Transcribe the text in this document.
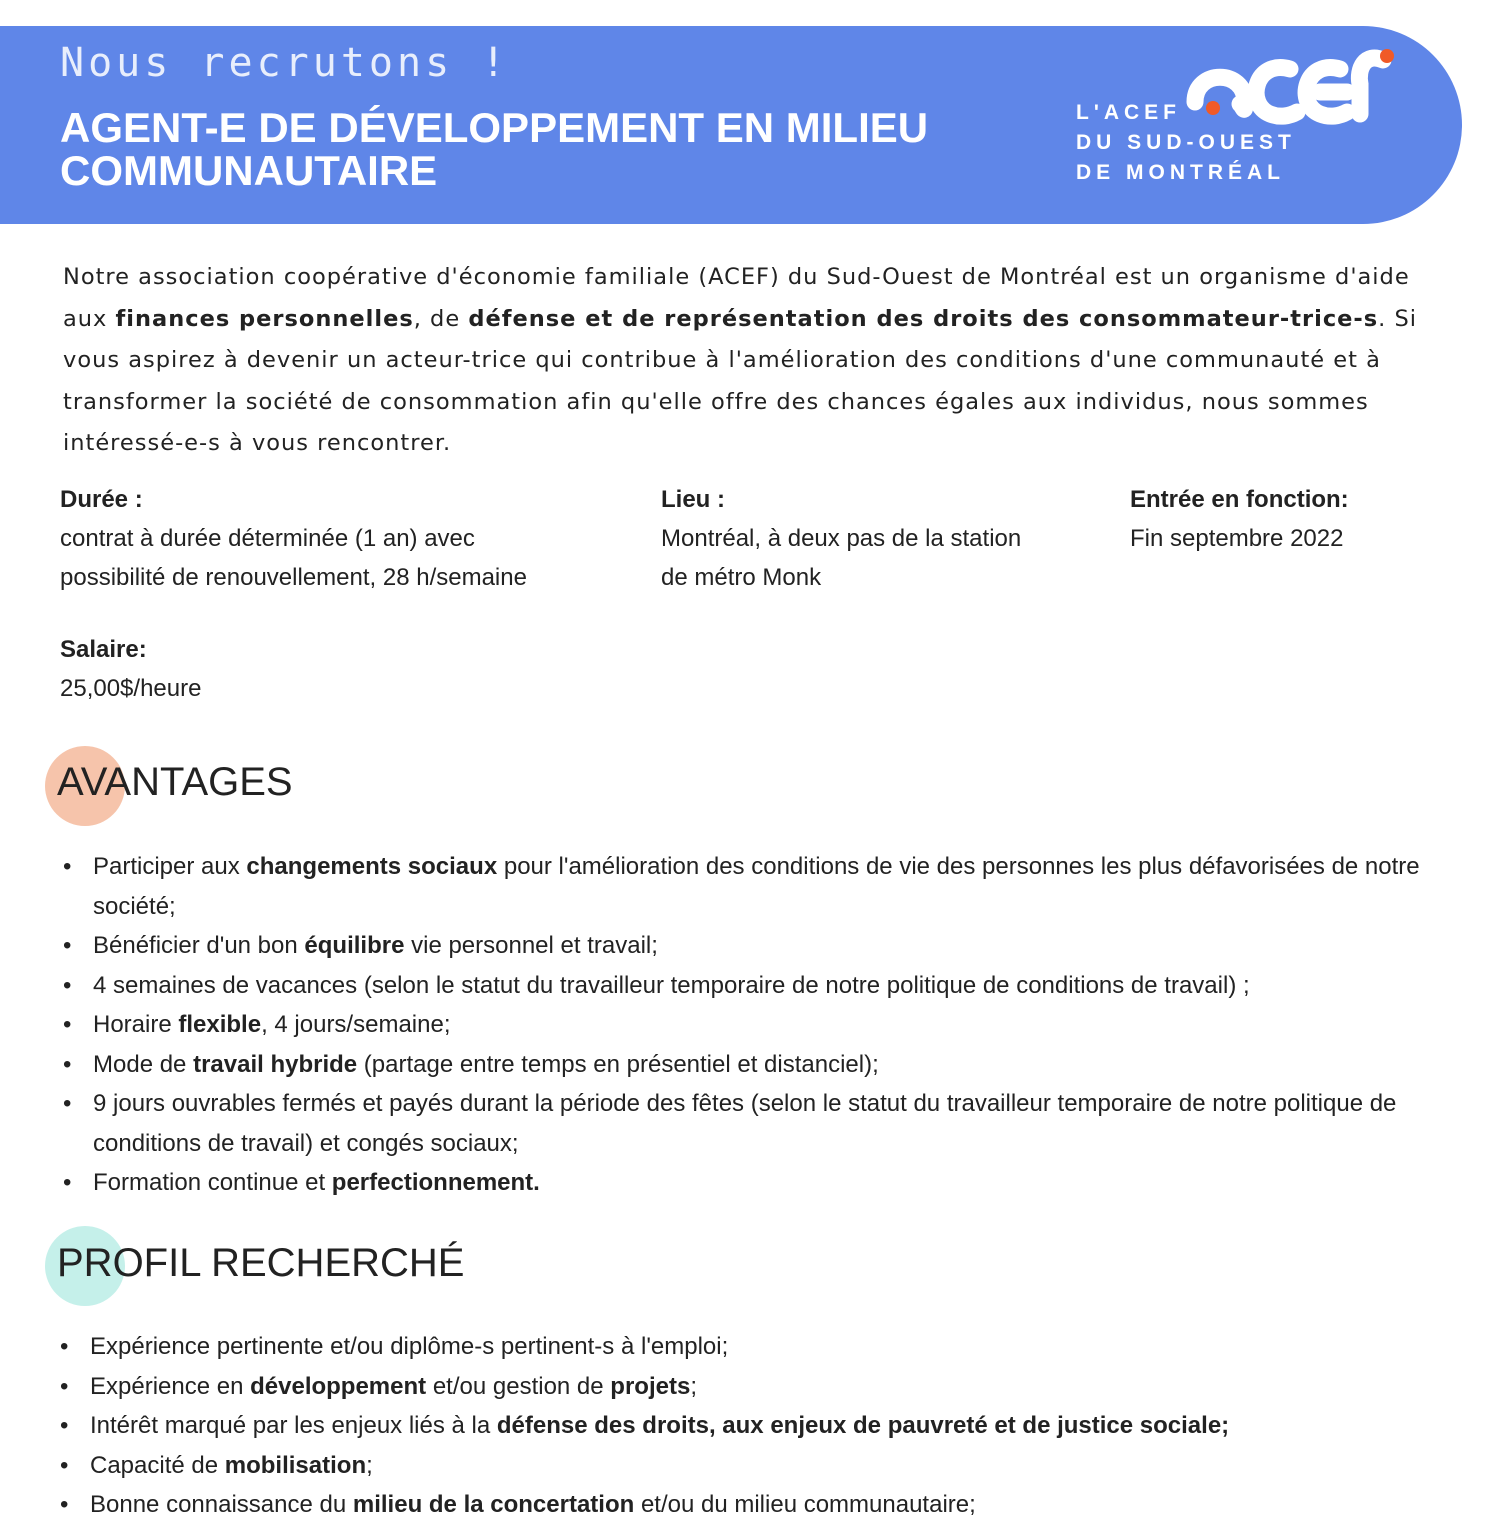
Nous recrutons !
AGENT-E DE DÉVELOPPEMENT EN MILIEU
COMMUNAUTAIRE
L'ACEF
DU SUD-OUEST
DE MONTRÉAL
Notre association coopérative d'économie familiale (ACEF) du Sud-Ouest de Montréal est un organisme d'aide aux finances personnelles, de défense et de représentation des droits des consommateur-trice-s. Si vous aspirez à devenir un acteur-trice qui contribue à l'amélioration des conditions d'une communauté et à transformer la société de consommation afin qu'elle offre des chances égales aux individus, nous sommes intéressé-e-s à vous rencontrer.
Durée :
contrat à durée déterminée (1 an) avec
possibilité de renouvellement, 28 h/semaine
Lieu :
Montréal, à deux pas de la station
de métro Monk
Entrée en fonction:
Fin septembre 2022
Salaire:
25,00$/heure
AVANTAGES
• Participer aux changements sociaux pour l'amélioration des conditions de vie des personnes les plus défavorisées de notre société;
• Bénéficier d'un bon équilibre vie personnel et travail;
• 4 semaines de vacances (selon le statut du travailleur temporaire de notre politique de conditions de travail) ;
• Horaire flexible, 4 jours/semaine;
• Mode de travail hybride (partage entre temps en présentiel et distanciel);
• 9 jours ouvrables fermés et payés durant la période des fêtes (selon le statut du travailleur temporaire de notre politique de conditions de travail) et congés sociaux;
• Formation continue et perfectionnement.
PROFIL RECHERCHÉ
• Expérience pertinente et/ou diplôme-s pertinent-s à l'emploi;
• Expérience en développement et/ou gestion de projets;
• Intérêt marqué par les enjeux liés à la défense des droits, aux enjeux de pauvreté et de justice sociale;
• Capacité de mobilisation;
• Bonne connaissance du milieu de la concertation et/ou du milieu communautaire;
